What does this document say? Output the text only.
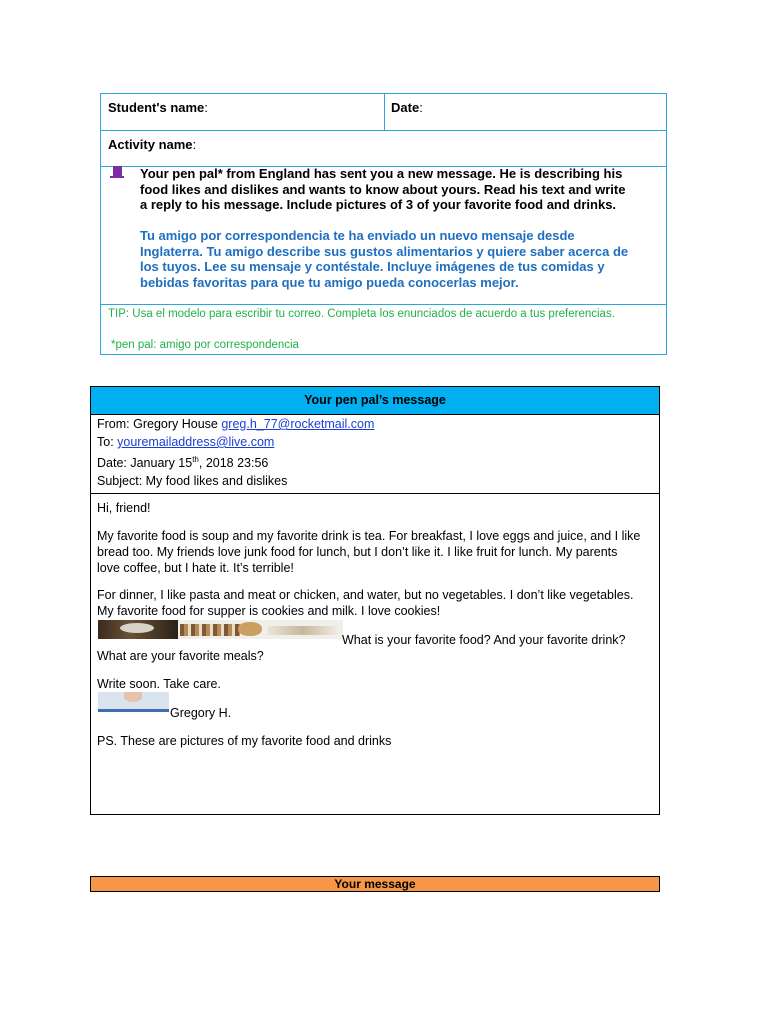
Student's name:	Date:
Activity name:
Your pen pal* from England has sent you a new message. He is describing his
food likes and dislikes and wants to know about yours. Read his text and write
a reply to his message. Include pictures of 3 of your favorite food and drinks.
Tu amigo por correspondencia te ha enviado un nuevo mensaje desde
Inglaterra. Tu amigo describe sus gustos alimentarios y quiere saber acerca de
los tuyos. Lee su mensaje y contéstale. Incluye imágenes de tus comidas y
bebidas favoritas para que tu amigo pueda conocerlas mejor.
TIP: Usa el modelo para escribir tu correo. Completa los enunciados de acuerdo a tus preferencias.
*pen pal: amigo por correspondencia
Your pen pal’s message
From: Gregory House greg.h_77@rocketmail.com
To: youremailaddress@live.com
Date: January 15th, 2018 23:56
Subject: My food likes and dislikes
Hi, friend!
My favorite food is soup and my favorite drink is tea. For breakfast, I love eggs and juice, and I like
bread too. My friends love junk food for lunch, but I don’t like it. I like fruit for lunch. My parents
love coffee, but I hate it. It’s terrible!
For dinner, I like pasta and meat or chicken, and water, but no vegetables. I don’t like vegetables.
My favorite food for supper is cookies and milk. I love cookies!
What is your favorite food? And your favorite drink?
What are your favorite meals?
Write soon. Take care.
Gregory H.
PS. These are pictures of my favorite food and drinks
Your message
